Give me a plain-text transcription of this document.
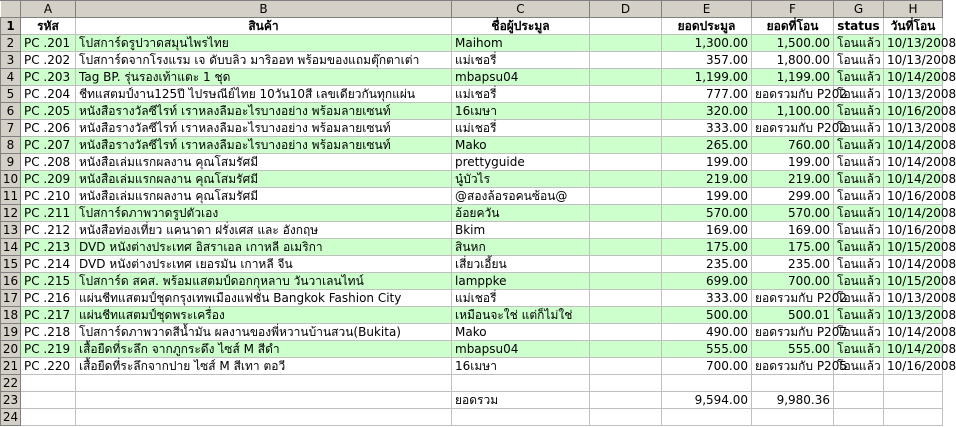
	A	B	C	D	E	F	G	H
1	รหัส	สินค้า	ชื่อผู้ประมูล		ยอดประมูล	ยอดที่โอน	status	วันที่โอน
2	PC .201	โปสการ์ดรูปวาดสมุนไพรไทย	Maihom		1,300.00	1,500.00	โอนแล้ว	10/13/2008
3	PC .202	โปสการ์ดจากโรงแรม เจ ดับบลิว มาริออท พร้อมของแถมตุ๊กตาเต่า	แม่เชอรี่		357.00	1,800.00	โอนแล้ว	10/13/2008
4	PC .203	Tag BP. รุ่นรองเท้าแตะ 1 ชุด	mbapsu04		1,199.00	1,199.00	โอนแล้ว	10/14/2008
5	PC .204	ชีทแสตมป์งาน125ปี ไปรษณีย์ไทย 10วัน10สี เลขเดียวกันทุกแผ่น	แม่เชอรี่		777.00	ยอดรวมกับ P202	โอนแล้ว	10/13/2008
6	PC .205	หนังสือรางวัลซีไรท์ เราหลงลืมอะไรบางอย่าง พร้อมลายเซนท์	16เมษา		320.00	1,100.00	โอนแล้ว	10/16/2008
7	PC .206	หนังสือรางวัลซีไรท์ เราหลงลืมอะไรบางอย่าง พร้อมลายเซนท์	แม่เชอรี่		333.00	ยอดรวมกับ P202	โอนแล้ว	10/13/2008
8	PC .207	หนังสือรางวัลซีไรท์ เราหลงลืมอะไรบางอย่าง พร้อมลายเซนท์	Mako		265.00	760.00	โอนแล้ว	10/14/2008
9	PC .208	หนังสือเล่มแรกผลงาน คุณโสมรัศมี	prettyguide		199.00	199.00	โอนแล้ว	10/14/2008
10	PC .209	หนังสือเล่มแรกผลงาน คุณโสมรัศมี	นู๋บัวไร		219.00	219.00	โอนแล้ว	10/14/2008
11	PC .210	หนังสือเล่มแรกผลงาน คุณโสมรัศมี	@สองล้อรอคนซ้อน@		199.00	299.00	โอนแล้ว	10/16/2008
12	PC .211	โปสการ์ดภาพวาดรูปตัวเอง	อ้อยควัน		570.00	570.00	โอนแล้ว	10/14/2008
13	PC .212	หนังสือท่องเที่ยว แคนาดา ฝรั่งเศส และ อังกฤษ	Bkim		169.00	169.00	โอนแล้ว	10/16/2008
14	PC .213	DVD หนังต่างประเทศ อิสราเอล เกาหลี อเมริกา	สินหก		175.00	175.00	โอนแล้ว	10/15/2008
15	PC .214	DVD หนังต่างประเทศ เยอรมัน เกาหลี จีน	เสี่ยวเอี้ยน		235.00	235.00	โอนแล้ว	10/14/2008
16	PC .215	โปสการ์ด สคส. พร้อมแสตมป์ดอกกุหลาบ วันวาเลนไทน์	lamppke		699.00	700.00	โอนแล้ว	10/15/2008
17	PC .216	แผ่นชีทแสตมป์ชุดกรุงเทพเมืองแฟชั่น Bangkok Fashion City	แม่เชอรี่		333.00	ยอดรวมกับ P202	โอนแล้ว	10/13/2008
18	PC .217	แผ่นชีทแสตมป์ชุดพระเครื่อง	เหมือนจะใช่ แต่ก็ไม่ใช่		500.00	500.01	โอนแล้ว	10/13/2008
19	PC .218	โปสการ์ดภาพวาดสีน้ำมัน ผลงานของพี่หวานบ้านสวน(Bukita)	Mako		490.00	ยอดรวมกับ P207	โอนแล้ว	10/14/2008
20	PC .219	เสื้อยืดที่ระลึก จากภูกระดึง ไซส์ M สีดำ	mbapsu04		555.00	555.00	โอนแล้ว	10/14/2008
21	PC .220	เสื้อยืดที่ระลึกจากปาย ไซส์ M สีเทา ตอวี	16เมษา		700.00	ยอดรวมกับ P205	โอนแล้ว	10/16/2008
22								
23			ยอดรวม		9,594.00	9,980.36		
24								
